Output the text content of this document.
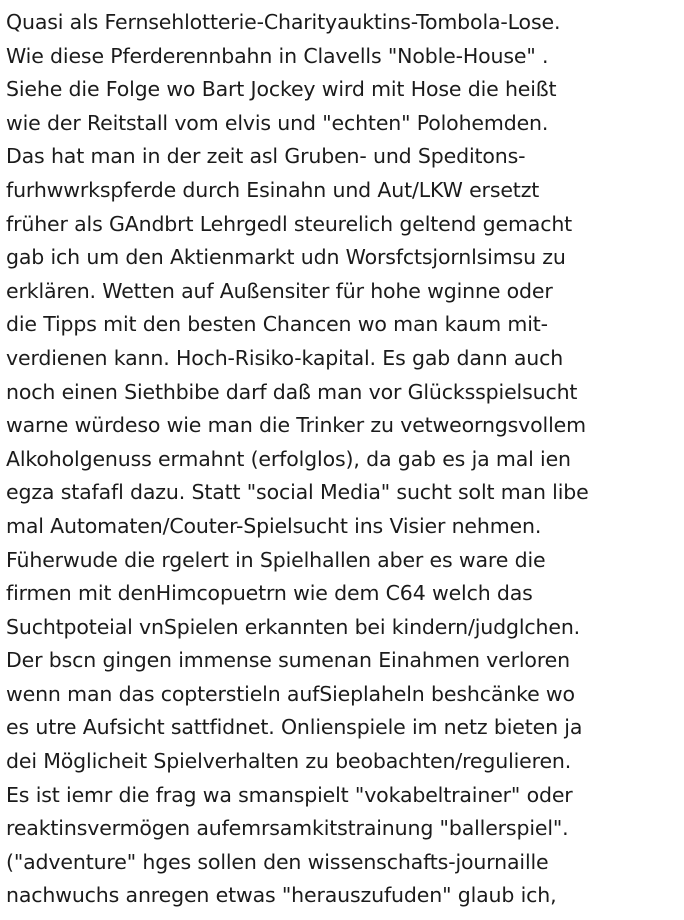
Quasi als Fernsehlotterie-Charityauktins-Tombola-Lose.
Wie diese Pferderennbahn in Clavells "Noble-House" .
Siehe die Folge wo Bart Jockey wird mit Hose die heißt
wie der Reitstall vom elvis und "echten" Polohemden.
Das hat man in der zeit asl Gruben- und Speditons-
furhwwrkspferde durch Esinahn und Aut/LKW ersetzt
früher als GAndbrt Lehrgedl steurelich geltend gemacht
gab ich um den Aktienmarkt udn Worsfctsjornlsimsu zu
erklären. Wetten auf Außensiter für hohe wginne oder
die Tipps mit den besten Chancen wo man kaum mit-
verdienen kann. Hoch-Risiko-kapital. Es gab dann auch
noch einen Siethbibe darf daß man vor Glücksspielsucht
warne würdeso wie man die Trinker zu vetweorngsvollem
Alkoholgenuss ermahnt (erfolglos), da gab es ja mal ien
egza stafafl dazu. Statt "social Media" sucht solt man libe
mal Automaten/Couter-Spielsucht ins Visier nehmen.
Füherwude die rgelert in Spielhallen aber es ware die
firmen mit denHimcopuetrn wie dem C64 welch das
Suchtpoteial vnSpielen erkannten bei kindern/judglchen.
Der bscn gingen immense sumenan Einahmen verloren
wenn man das copterstieln aufSieplaheln beshcänke wo
es utre Aufsicht sattfidnet. Onlienspiele im netz bieten ja
dei Möglicheit Spielverhalten zu beobachten/regulieren.
Es ist iemr die frag wa smanspielt "vokabeltrainer" oder
reaktinsvermögen aufemrsamkitstrainung "ballerspiel".
("adventure" hges sollen den wissenschafts-journaille
nachwuchs anregen etwas "herauszufuden" glaub ich,
